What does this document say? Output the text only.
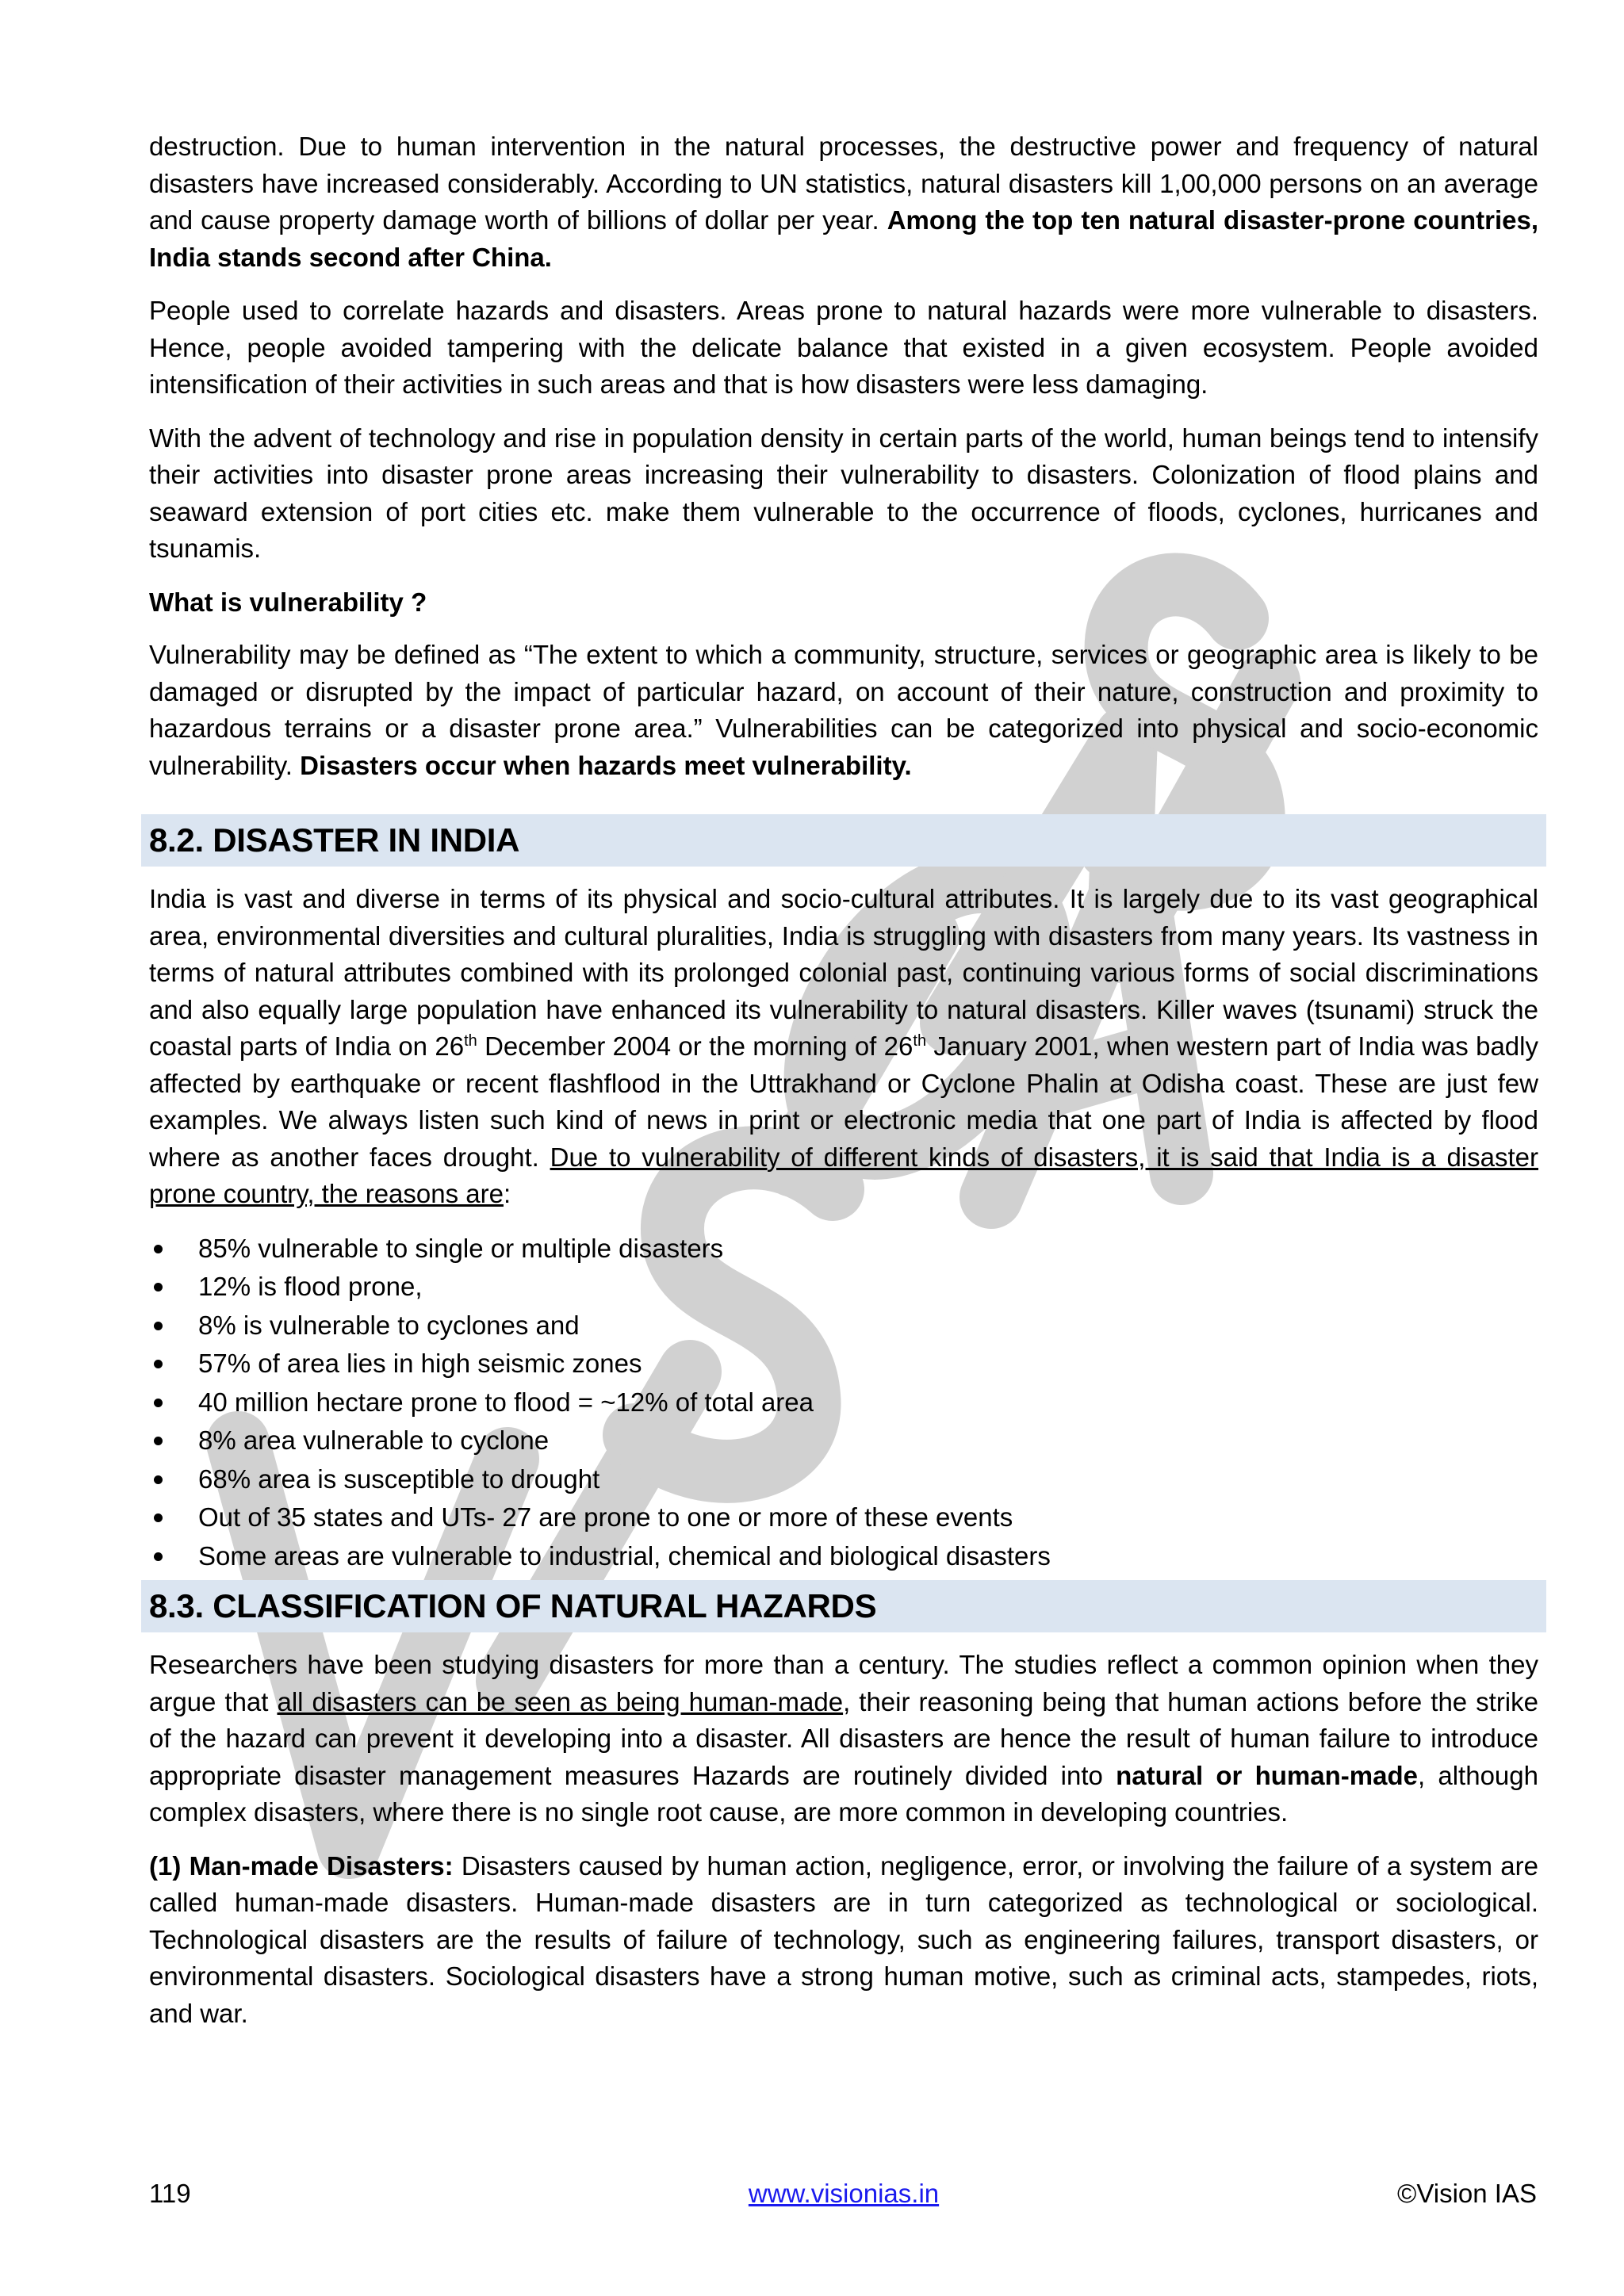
destruction. Due to human intervention in the natural processes, the destructive power and frequency of natural disasters have increased considerably. According to UN statistics, natural disasters kill 1,00,000 persons on an average and cause property damage worth of billions of dollar per year. Among the top ten natural disaster-prone countries, India stands second after China.

People used to correlate hazards and disasters. Areas prone to natural hazards were more vulnerable to disasters. Hence, people avoided tampering with the delicate balance that existed in a given ecosystem. People avoided intensification of their activities in such areas and that is how disasters were less damaging.

With the advent of technology and rise in population density in certain parts of the world, human beings tend to intensify their activities into disaster prone areas increasing their vulnerability to disasters. Colonization of flood plains and seaward extension of port cities etc. make them vulnerable to the occurrence of floods, cyclones, hurricanes and tsunamis.

What is vulnerability ?

Vulnerability may be defined as “The extent to which a community, structure, services or geographic area is likely to be damaged or disrupted by the impact of particular hazard, on account of their nature, construction and proximity to hazardous terrains or a disaster prone area.” Vulnerabilities can be categorized into physical and socio-economic vulnerability. Disasters occur when hazards meet vulnerability.

8.2. DISASTER IN INDIA

India is vast and diverse in terms of its physical and socio-cultural attributes. It is largely due to its vast geographical area, environmental diversities and cultural pluralities, India is struggling with disasters from many years. Its vastness in terms of natural attributes combined with its prolonged colonial past, continuing various forms of social discriminations and also equally large population have enhanced its vulnerability to natural disasters. Killer waves (tsunami) struck the coastal parts of India on 26th December 2004 or the morning of 26th January 2001, when western part of India was badly affected by earthquake or recent flashflood in the Uttrakhand or Cyclone Phalin at Odisha coast. These are just few examples. We always listen such kind of news in print or electronic media that one part of India is affected by flood where as another faces drought. Due to vulnerability of different kinds of disasters, it is said that India is a disaster prone country, the reasons are:

85% vulnerable to single or multiple disasters
12% is flood prone,
8% is vulnerable to cyclones and
57% of area lies in high seismic zones
40 million hectare prone to flood = ~12% of total area
8% area vulnerable to cyclone
68% area is susceptible to drought
Out of 35 states and UTs- 27 are prone to one or more of these events
Some areas are vulnerable to industrial, chemical and biological disasters
8.3. CLASSIFICATION OF NATURAL HAZARDS

Researchers have been studying disasters for more than a century. The studies reflect a common opinion when they argue that all disasters can be seen as being human-made, their reasoning being that human actions before the strike of the hazard can prevent it developing into a disaster. All disasters are hence the result of human failure to introduce appropriate disaster management measures Hazards are routinely divided into natural or human-made, although complex disasters, where there is no single root cause, are more common in developing countries.

(1) Man-made Disasters: Disasters caused by human action, negligence, error, or involving the failure of a system are called human-made disasters. Human-made disasters are in turn categorized as technological or sociological. Technological disasters are the results of failure of technology, such as engineering failures, transport disasters, or environmental disasters. Sociological disasters have a strong human motive, such as criminal acts, stampedes, riots, and war.

119	www.visionias.in	©Vision IAS
